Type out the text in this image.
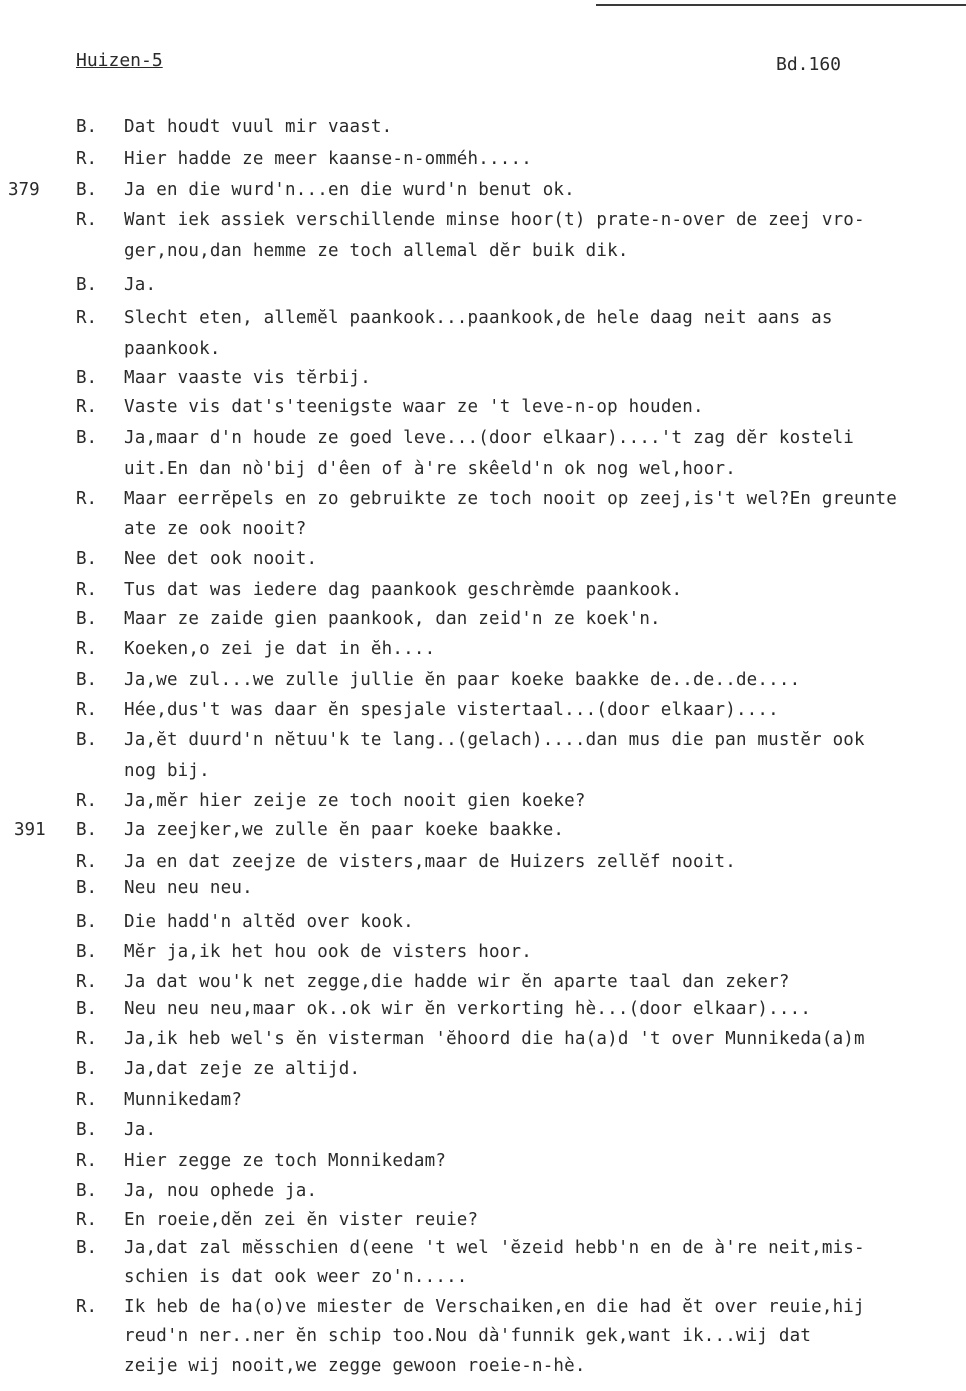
Huizen-5	Bd.160
B. Dat houdt vuul mir vaast.
R. Hier hadde ze meer kaanse-n-omméh.....
379 B. Ja en die wurd'n...en die wurd'n benut ok.
R. Want iek assiek verschillende minse hoor(t) prate-n-over de zeej vro-
ger,nou,dan hemme ze toch allemal dĕr buik dik.
B. Ja.
R. Slecht eten, allemĕl paankook...paankook,de hele daag neit aans as
paankook.
B. Maar vaaste vis tĕrbij.
R. Vaste vis dat's'teenigste waar ze 't leve-n-op houden.
B. Ja,maar d'n houde ze goed leve...(door elkaar)....'t zag dĕr kosteli
uit.En dan nò'bij d'êen of à're skêeld'n ok nog wel,hoor.
R. Maar eerrĕpels en zo gebruikte ze toch nooit op zeej,is't wel?En greunte
ate ze ook nooit?
B. Nee det ook nooit.
R. Tus dat was iedere dag paankook geschrèmde paankook.
B. Maar ze zaide gien paankook, dan zeid'n ze koek'n.
R. Koeken,o zei je dat in ĕh....
B. Ja,we zul...we zulle jullie ĕn paar koeke baakke de..de..de....
R. Hée,dus't was daar ĕn spesjale vistertaal...(door elkaar)....
B. Ja,ĕt duurd'n nĕtuu'k te lang..(gelach)....dan mus die pan mustĕr ook
nog bij.
R. Ja,mĕr hier zeije ze toch nooit gien koeke?
391 B. Ja zeejker,we zulle ĕn paar koeke baakke.
R. Ja en dat zeejze de visters,maar de Huizers zellĕf nooit.
B. Neu neu neu.
B. Die hadd'n altĕd over kook.
B. Mĕr ja,ik het hou ook de visters hoor.
R. Ja dat wou'k net zegge,die hadde wir ĕn aparte taal dan zeker?
B. Neu neu neu,maar ok..ok wir ĕn verkorting hè...(door elkaar)....
R. Ja,ik heb wel's ĕn visterman 'ĕhoord die ha(a)d 't over Munnikeda(a)m
B. Ja,dat zeje ze altijd.
R. Munnikedam?
B. Ja.
R. Hier zegge ze toch Monnikedam?
B. Ja, nou ophede ja.
R. En roeie,dĕn zei ĕn vister reuie?
B. Ja,dat zal mĕsschien d(eene 't wel 'ĕzeid hebb'n en de à're neit,mis-
schien is dat ook weer zo'n.....
R. Ik heb de ha(o)ve miester de Verschaiken,en die had ĕt over reuie,hij
reud'n ner..ner ĕn schip too.Nou dà'funnik gek,want ik...wij dat
zeije wij nooit,we zegge gewoon roeie-n-hè.
